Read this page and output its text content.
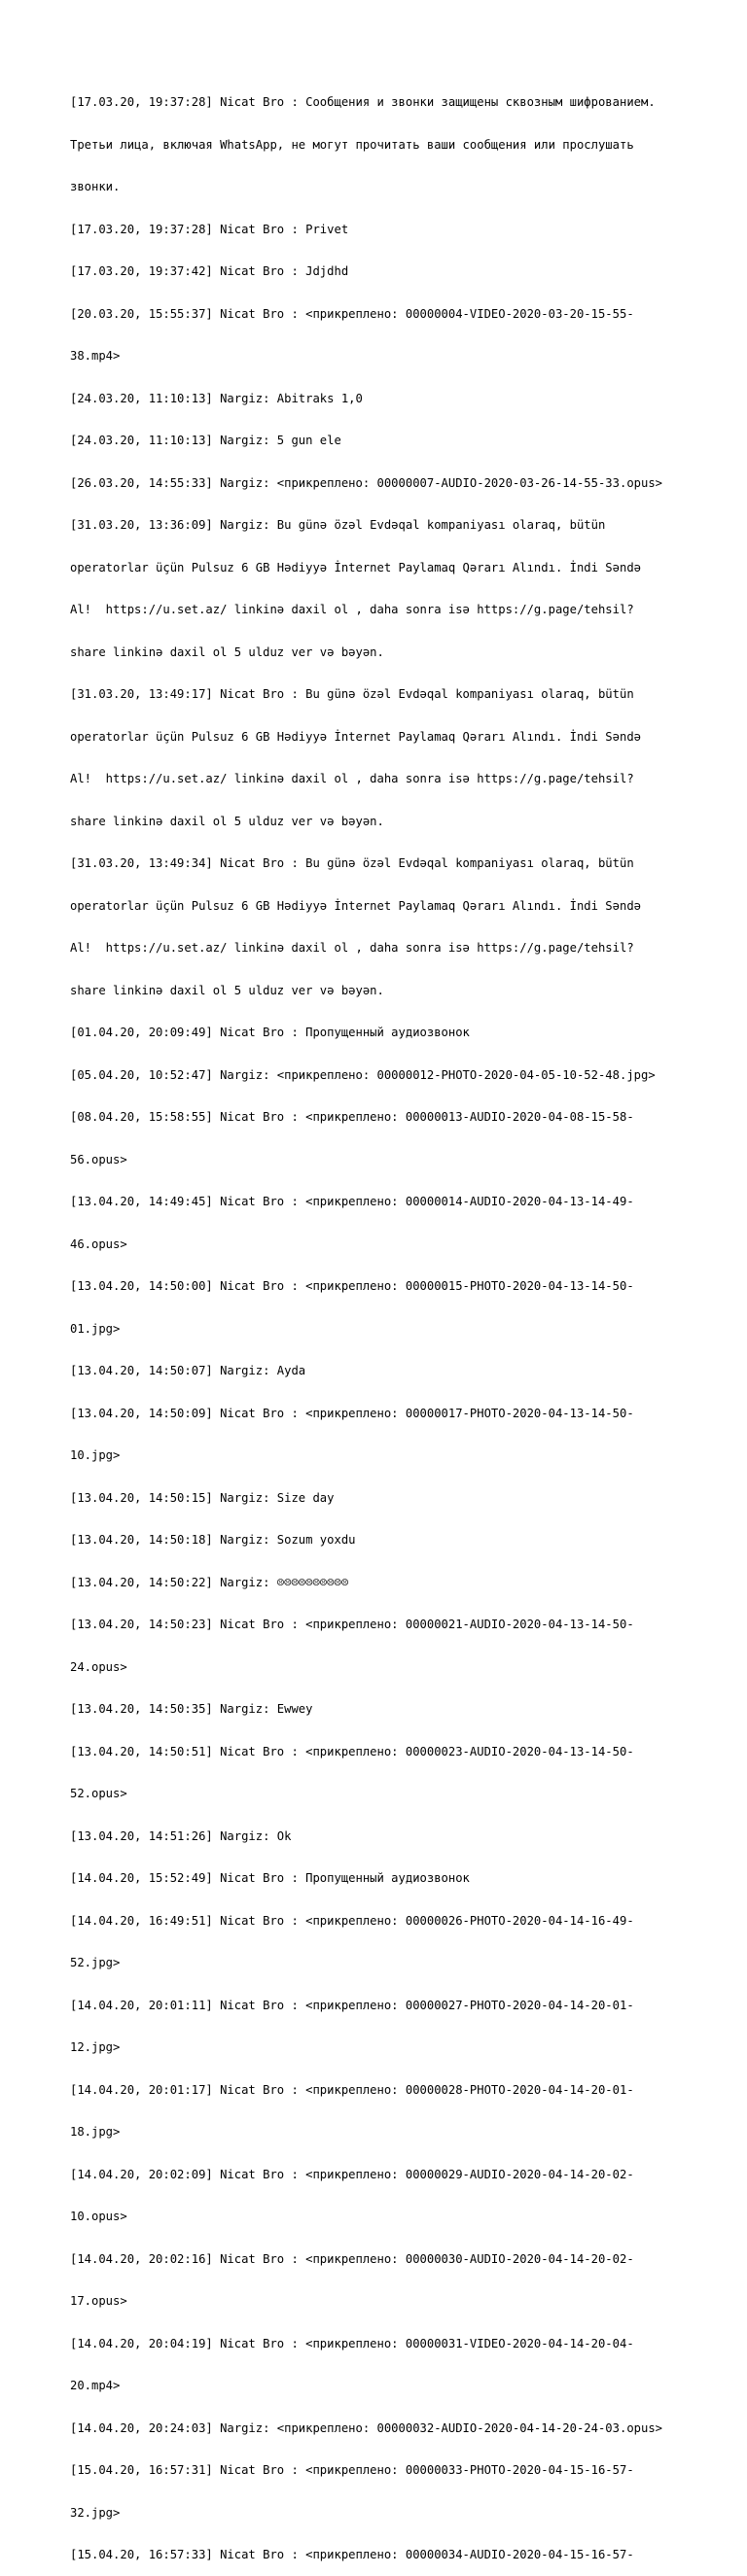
[17.03.20, 19:37:28] Nicat Bro : Сообщения и звонки защищены сквозным шифрованием.

Третьи лица, включая WhatsApp, не могут прочитать ваши сообщения или прослушать

звонки.

[17.03.20, 19:37:28] Nicat Bro : Privet

[17.03.20, 19:37:42] Nicat Bro : Jdjdhd

[20.03.20, 15:55:37] Nicat Bro : <прикреплено: 00000004-VIDEO-2020-03-20-15-55-

38.mp4>

[24.03.20, 11:10:13] Nargiz: Abitraks 1,0

[24.03.20, 11:10:13] Nargiz: 5 gun ele

[26.03.20, 14:55:33] Nargiz: <прикреплено: 00000007-AUDIO-2020-03-26-14-55-33.opus>

[31.03.20, 13:36:09] Nargiz: Bu günə özəl Evdəqal kompaniyası olaraq, bütün

operatorlar üçün Pulsuz 6 GB Hədiyyə İnternet Paylamaq Qərarı Alındı. İndi Səndə

Al!  https://u.set.az/ linkinə daxil ol , daha sonra isə https://g.page/tehsil?

share linkinə daxil ol 5 ulduz ver və bəyən.

[31.03.20, 13:49:17] Nicat Bro : Bu günə özəl Evdəqal kompaniyası olaraq, bütün

operatorlar üçün Pulsuz 6 GB Hədiyyə İnternet Paylamaq Qərarı Alındı. İndi Səndə

Al!  https://u.set.az/ linkinə daxil ol , daha sonra isə https://g.page/tehsil?

share linkinə daxil ol 5 ulduz ver və bəyən.

[31.03.20, 13:49:34] Nicat Bro : Bu günə özəl Evdəqal kompaniyası olaraq, bütün

operatorlar üçün Pulsuz 6 GB Hədiyyə İnternet Paylamaq Qərarı Alındı. İndi Səndə

Al!  https://u.set.az/ linkinə daxil ol , daha sonra isə https://g.page/tehsil?

share linkinə daxil ol 5 ulduz ver və bəyən.

[01.04.20, 20:09:49] Nicat Bro : Пропущенный аудиозвонок

[05.04.20, 10:52:47] Nargiz: <прикреплено: 00000012-PHOTO-2020-04-05-10-52-48.jpg>

[08.04.20, 15:58:55] Nicat Bro : <прикреплено: 00000013-AUDIO-2020-04-08-15-58-

56.opus>

[13.04.20, 14:49:45] Nicat Bro : <прикреплено: 00000014-AUDIO-2020-04-13-14-49-

46.opus>

[13.04.20, 14:50:00] Nicat Bro : <прикреплено: 00000015-PHOTO-2020-04-13-14-50-

01.jpg>

[13.04.20, 14:50:07] Nargiz: Ayda

[13.04.20, 14:50:09] Nicat Bro : <прикреплено: 00000017-PHOTO-2020-04-13-14-50-

10.jpg>

[13.04.20, 14:50:15] Nargiz: Size day

[13.04.20, 14:50:18] Nargiz: Sozum yoxdu

[13.04.20, 14:50:22] Nargiz: ☹☹☹☹☹☹☹☹☹☹

[13.04.20, 14:50:23] Nicat Bro : <прикреплено: 00000021-AUDIO-2020-04-13-14-50-

24.opus>

[13.04.20, 14:50:35] Nargiz: Ewwey

[13.04.20, 14:50:51] Nicat Bro : <прикреплено: 00000023-AUDIO-2020-04-13-14-50-

52.opus>

[13.04.20, 14:51:26] Nargiz: Ok

[14.04.20, 15:52:49] Nicat Bro : Пропущенный аудиозвонок

[14.04.20, 16:49:51] Nicat Bro : <прикреплено: 00000026-PHOTO-2020-04-14-16-49-

52.jpg>

[14.04.20, 20:01:11] Nicat Bro : <прикреплено: 00000027-PHOTO-2020-04-14-20-01-

12.jpg>

[14.04.20, 20:01:17] Nicat Bro : <прикреплено: 00000028-PHOTO-2020-04-14-20-01-

18.jpg>

[14.04.20, 20:02:09] Nicat Bro : <прикреплено: 00000029-AUDIO-2020-04-14-20-02-

10.opus>

[14.04.20, 20:02:16] Nicat Bro : <прикреплено: 00000030-AUDIO-2020-04-14-20-02-

17.opus>

[14.04.20, 20:04:19] Nicat Bro : <прикреплено: 00000031-VIDEO-2020-04-14-20-04-

20.mp4>

[14.04.20, 20:24:03] Nargiz: <прикреплено: 00000032-AUDIO-2020-04-14-20-24-03.opus>

[15.04.20, 16:57:31] Nicat Bro : <прикреплено: 00000033-PHOTO-2020-04-15-16-57-

32.jpg>

[15.04.20, 16:57:33] Nicat Bro : <прикреплено: 00000034-AUDIO-2020-04-15-16-57-
